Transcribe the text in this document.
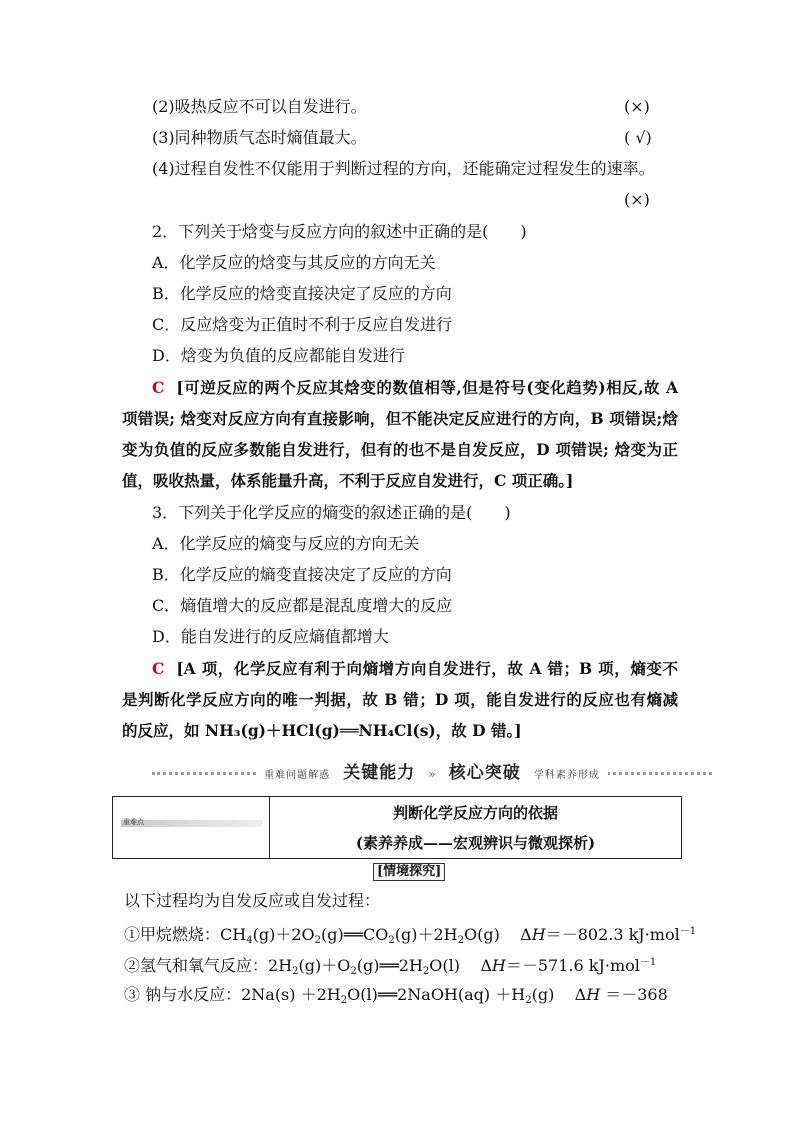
(2)吸热反应不可以自发进行。	(×)
(3)同种物质气态时熵值最大。	( √)
(4)过程自发性不仅能用于判断过程的方向，还能确定过程发生的速率。
(×)
2．下列关于焓变与反应方向的叙述中正确的是(　　)
A．化学反应的焓变与其反应的方向无关
B．化学反应的焓变直接决定了反应的方向
C．反应焓变为正值时不利于反应自发进行
D．焓变为负值的反应都能自发进行
C [可逆反应的两个反应其焓变的数值相等,但是符号(变化趋势)相反,故 A
项错误; 焓变对反应方向有直接影响，但不能决定反应进行的方向，B 项错误;焓
变为负值的反应多数能自发进行，但有的也不是自发反应，D 项错误; 焓变为正
值，吸收热量，体系能量升高，不利于反应自发进行，C 项正确。]
3．下列关于化学反应的熵变的叙述正确的是(　　)
A．化学反应的熵变与反应的方向无关
B．化学反应的熵变直接决定了反应的方向
C．熵值增大的反应都是混乱度增大的反应
D．能自发进行的反应熵值都增大
C [A 项，化学反应有利于向熵增方向自发进行，故 A 错；B 项，熵变不
是判断化学反应方向的唯一判据，故 B 错；D 项，能自发进行的反应也有熵减
的反应，如 NH₃(g)＋HCl(g)══NH₄Cl(s)，故 D 错。]
重难问题解惑 关键能力 » 核心突破 学科素养形成
重难点

判断化学反应方向的依据
(素养养成——宏观辨识与微观探析)
[情境探究]
以下过程均为自发反应或自发过程：
①甲烷燃烧：$CH_4(g)+2O_2(g)══CO_2(g)+2H_2O(g)$    ΔH＝－802.3 kJ·mol$^{-1}$
②氢气和氧气反应：$2H_2(g)+O_2(g)══2H_2O(l)$    ΔH＝－571.6 kJ·mol$^{-1}$
③ 钠与水反应：$2Na(s) +2H_2O(l)══2NaOH(aq) +H_2(g)$    ΔH ＝－368
